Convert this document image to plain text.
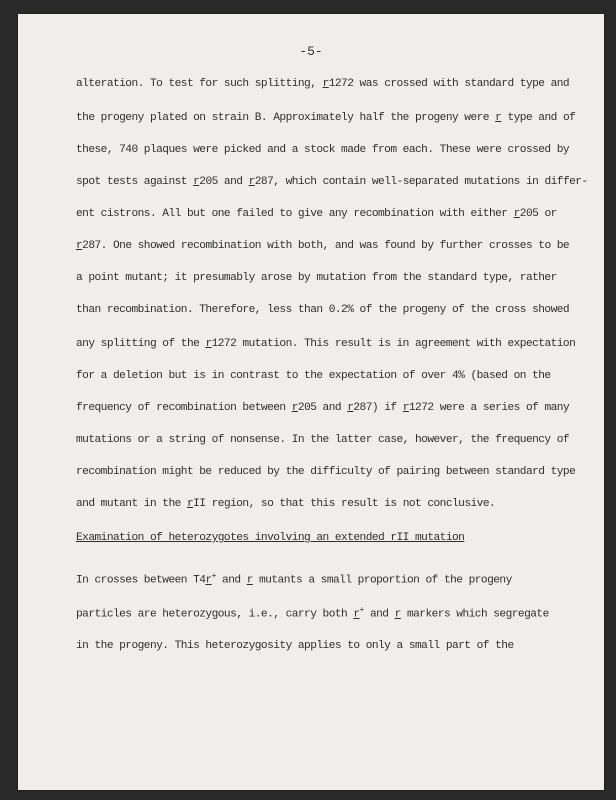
-5-
alteration. To test for such splitting, r1272 was crossed with standard type and
the progeny plated on strain B. Approximately half the progeny were r type and of
these, 740 plaques were picked and a stock made from each. These were crossed by
spot tests against r205 and r287, which contain well-separated mutations in differ-
ent cistrons. All but one failed to give any recombination with either r205 or
r287. One showed recombination with both, and was found by further crosses to be
a point mutant; it presumably arose by mutation from the standard type, rather
than recombination. Therefore, less than 0.2% of the progeny of the cross showed
any splitting of the r1272 mutation. This result is in agreement with expectation
for a deletion but is in contrast to the expectation of over 4% (based on the
frequency of recombination between r205 and r287) if r1272 were a series of many
mutations or a string of nonsense. In the latter case, however, the frequency of
recombination might be reduced by the difficulty of pairing between standard type
and mutant in the rII region, so that this result is not conclusive.
Examination of heterozygotes involving an extended rII mutation
In crosses between T4r+ and r mutants a small proportion of the progeny
particles are heterozygous, i.e., carry both r+ and r markers which segregate
in the progeny. This heterozygosity applies to only a small part of the
